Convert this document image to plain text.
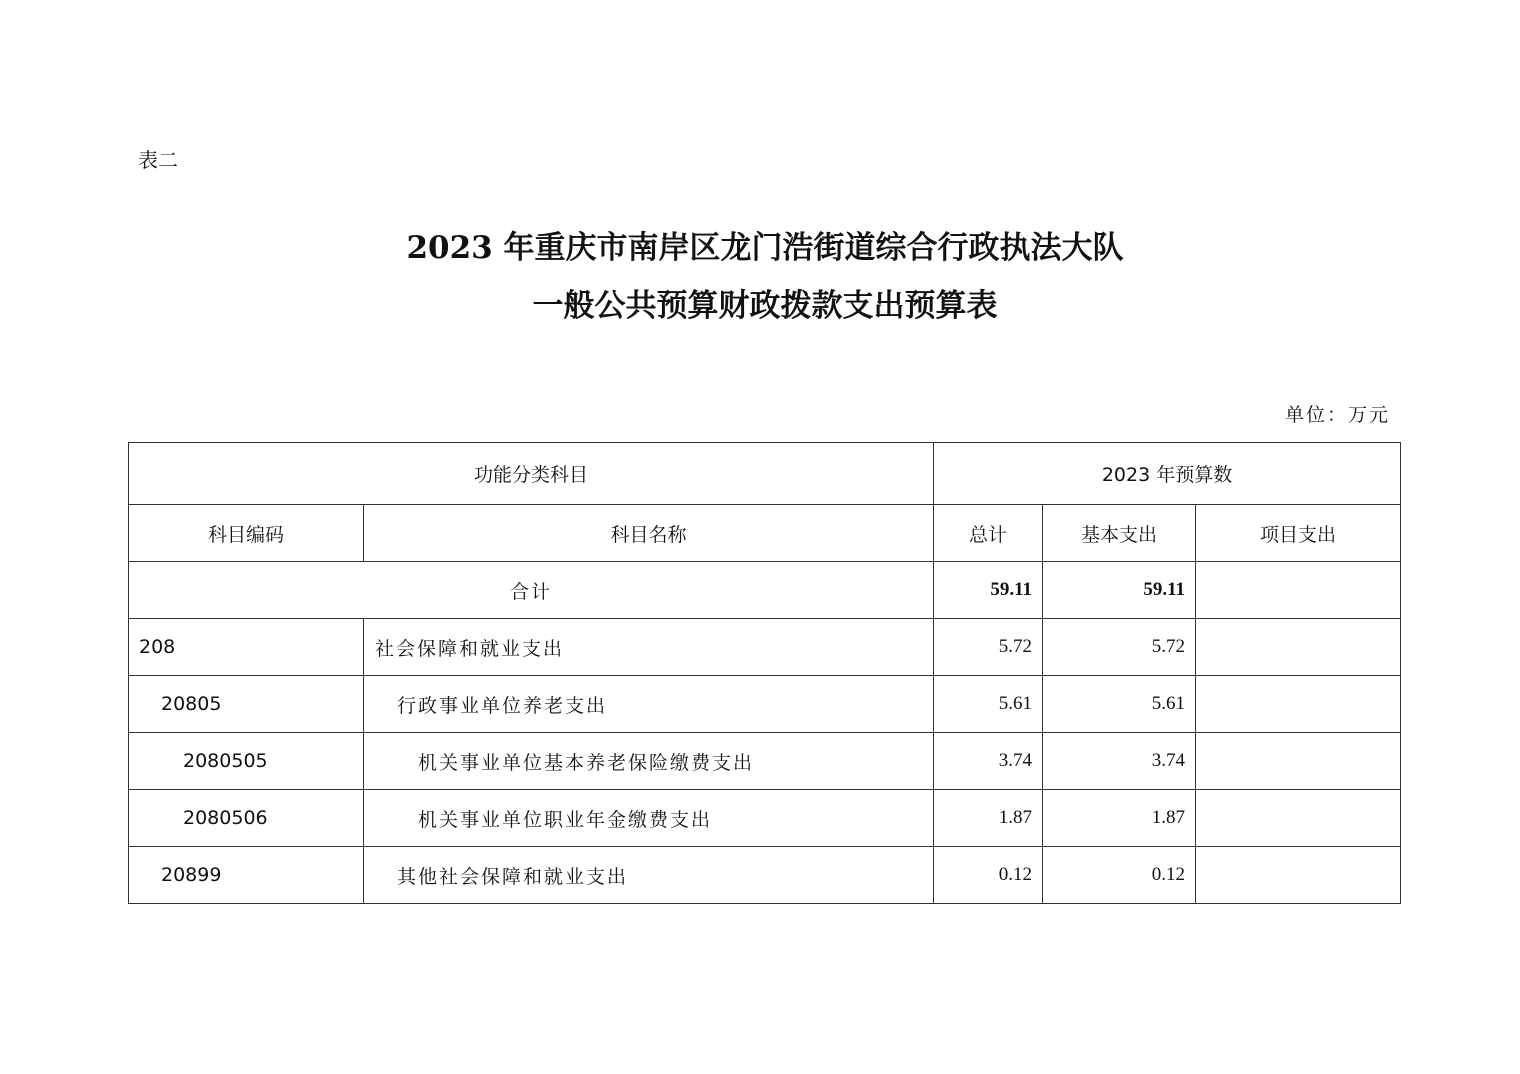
表二
2023 年重庆市南岸区龙门浩街道综合行政执法大队
一般公共预算财政拨款支出预算表
单位：万元
功能分类科目		2023 年预算数		
科目编码	科目名称	总计	基本支出	项目支出
合计		59.11	59.11	
208	社会保障和就业支出	5.72	5.72	
20805	行政事业单位养老支出	5.61	5.61	
2080505	机关事业单位基本养老保险缴费支出	3.74	3.74	
2080506	机关事业单位职业年金缴费支出	1.87	1.87	
20899	其他社会保障和就业支出	0.12	0.12	
